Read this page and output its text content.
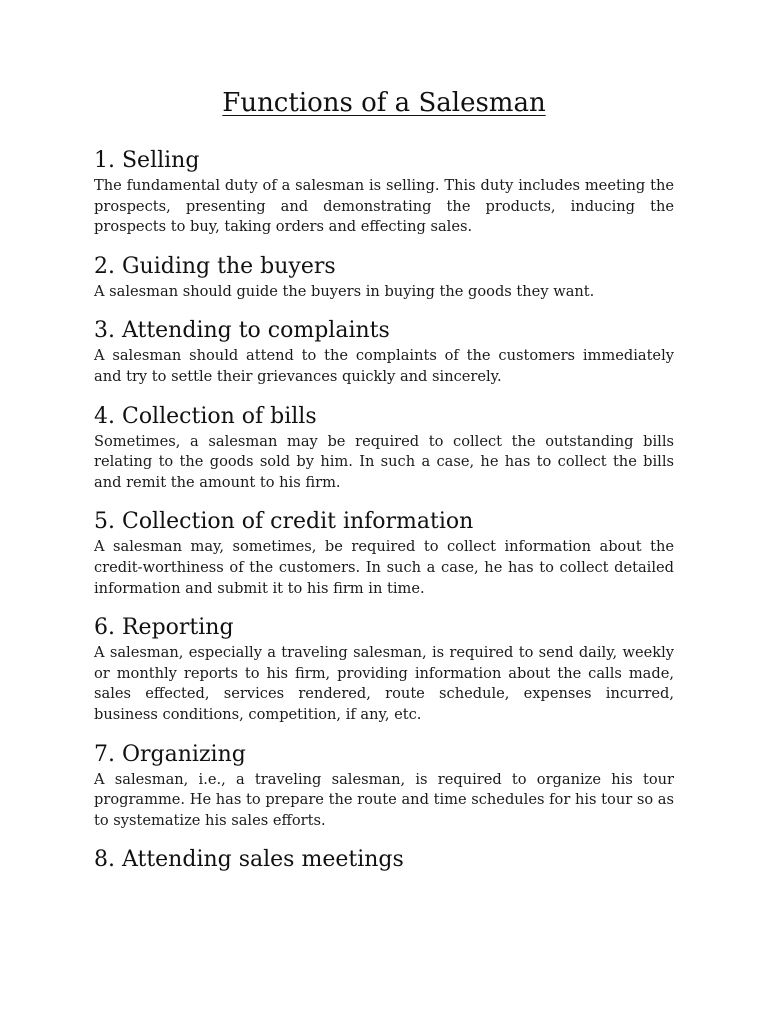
Functions of a Salesman
1. Selling

The fundamental duty of a salesman is selling. This duty includes meeting the prospects, presenting and demonstrating the products, inducing the prospects to buy, taking orders and effecting sales.

2. Guiding the buyers

A salesman should guide the buyers in buying the goods they want.

3. Attending to complaints

A salesman should attend to the complaints of the customers immediately and try to settle their grievances quickly and sincerely.

4. Collection of bills

Sometimes, a salesman may be required to collect the outstanding bills relating to the goods sold by him. In such a case, he has to collect the bills and remit the amount to his firm.

5. Collection of credit information

A salesman may, sometimes, be required to collect information about the credit-worthiness of the customers. In such a case, he has to collect detailed information and submit it to his firm in time.

6. Reporting

A salesman, especially a traveling salesman, is required to send daily, weekly or monthly reports to his firm, providing information about the calls made, sales effected, services rendered, route schedule, expenses incurred, business conditions, competition, if any, etc.

7. Organizing

A salesman, i.e., a traveling salesman, is required to organize his tour programme. He has to prepare the route and time schedules for his tour so as to systematize his sales efforts.

8. Attending sales meetings
